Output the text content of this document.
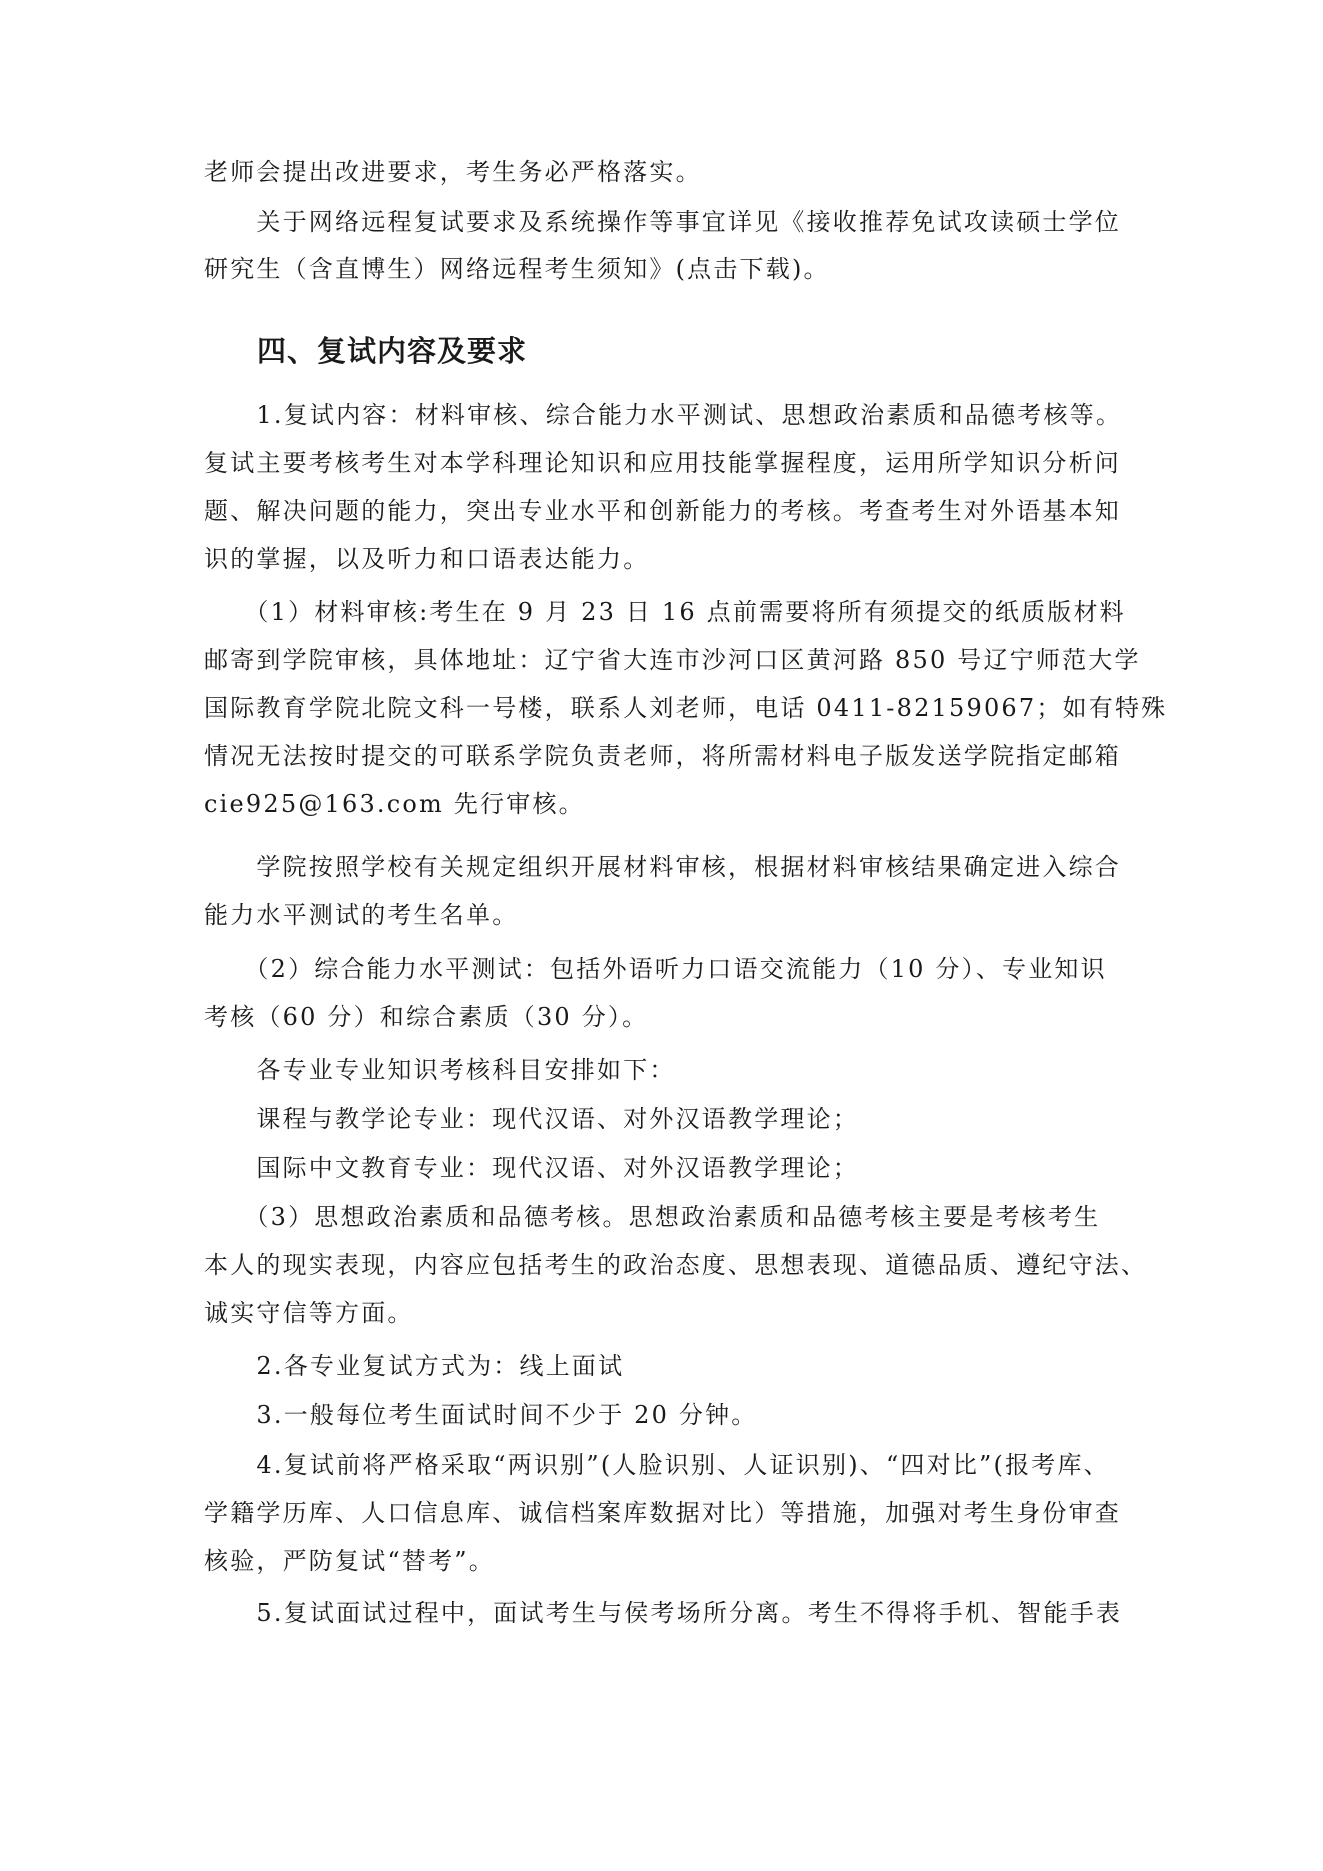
老师会提出改进要求，考生务必严格落实。

　　关于网络远程复试要求及系统操作等事宜详见《接收推荐免试攻读硕士学位

研究生（含直博生）网络远程考生须知》(点击下载)。

四、复试内容及要求

　　1.复试内容：材料审核、综合能力水平测试、思想政治素质和品德考核等。

复试主要考核考生对本学科理论知识和应用技能掌握程度，运用所学知识分析问

题、解决问题的能力，突出专业水平和创新能力的考核。考查考生对外语基本知

识的掌握，以及听力和口语表达能力。

　　（1）材料审核:考生在 9 月 23 日 16 点前需要将所有须提交的纸质版材料

邮寄到学院审核，具体地址：辽宁省大连市沙河口区黄河路 850 号辽宁师范大学

国际教育学院北院文科一号楼，联系人刘老师，电话 0411-82159067；如有特殊

情况无法按时提交的可联系学院负责老师，将所需材料电子版发送学院指定邮箱

cie925@163.com 先行审核。

　　学院按照学校有关规定组织开展材料审核，根据材料审核结果确定进入综合

能力水平测试的考生名单。

　　（2）综合能力水平测试：包括外语听力口语交流能力（10 分）、专业知识

考核（60 分）和综合素质（30 分）。

　　各专业专业知识考核科目安排如下：

　　课程与教学论专业：现代汉语、对外汉语教学理论；

　　国际中文教育专业：现代汉语、对外汉语教学理论；

　　（3）思想政治素质和品德考核。思想政治素质和品德考核主要是考核考生

本人的现实表现，内容应包括考生的政治态度、思想表现、道德品质、遵纪守法、

诚实守信等方面。

　　2.各专业复试方式为：线上面试

　　3.一般每位考生面试时间不少于 20 分钟。

　　4.复试前将严格采取“两识别”(人脸识别、人证识别)、“四对比”(报考库、

学籍学历库、人口信息库、诚信档案库数据对比）等措施，加强对考生身份审查

核验，严防复试“替考”。

　　5.复试面试过程中，面试考生与侯考场所分离。考生不得将手机、智能手表
